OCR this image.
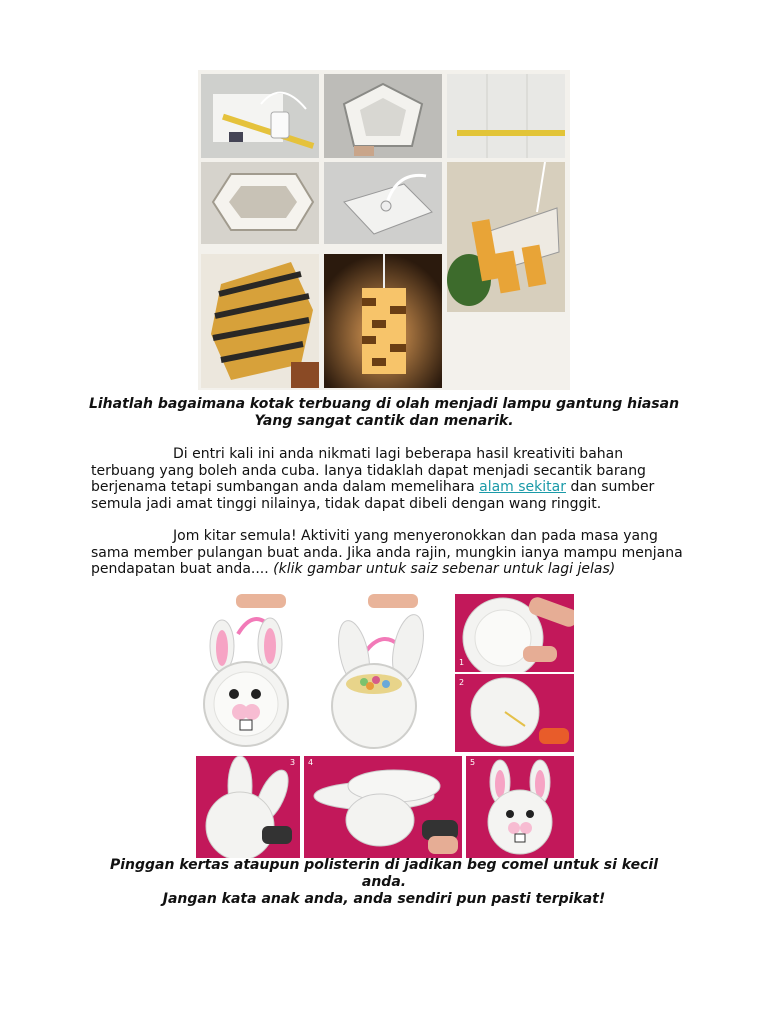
Lihatlah bagaimana kotak terbuang di olah menjadi lampu gantung hiasan
Yang sangat cantik dan menarik.
Di entri kali ini anda nikmati lagi beberapa hasil kreativiti bahan terbuang yang boleh anda cuba. Ianya tidaklah dapat menjadi secantik barang berjenama tetapi sumbangan anda dalam memelihara alam sekitar dan sumber semula jadi amat tinggi nilainya, tidak dapat dibeli dengan wang ringgit.
Jom kitar semula! Aktiviti yang menyeronokkan dan pada masa yang sama member pulangan buat anda. Jika anda rajin, mungkin ianya mampu menjana pendapatan buat anda.... (klik gambar untuk saiz sebenar untuk lagi jelas)
1
2
3 4	5
Pinggan kertas ataupun polisterin di jadikan beg comel untuk si kecil
anda.
Jangan kata anak anda, anda sendiri pun pasti terpikat!
